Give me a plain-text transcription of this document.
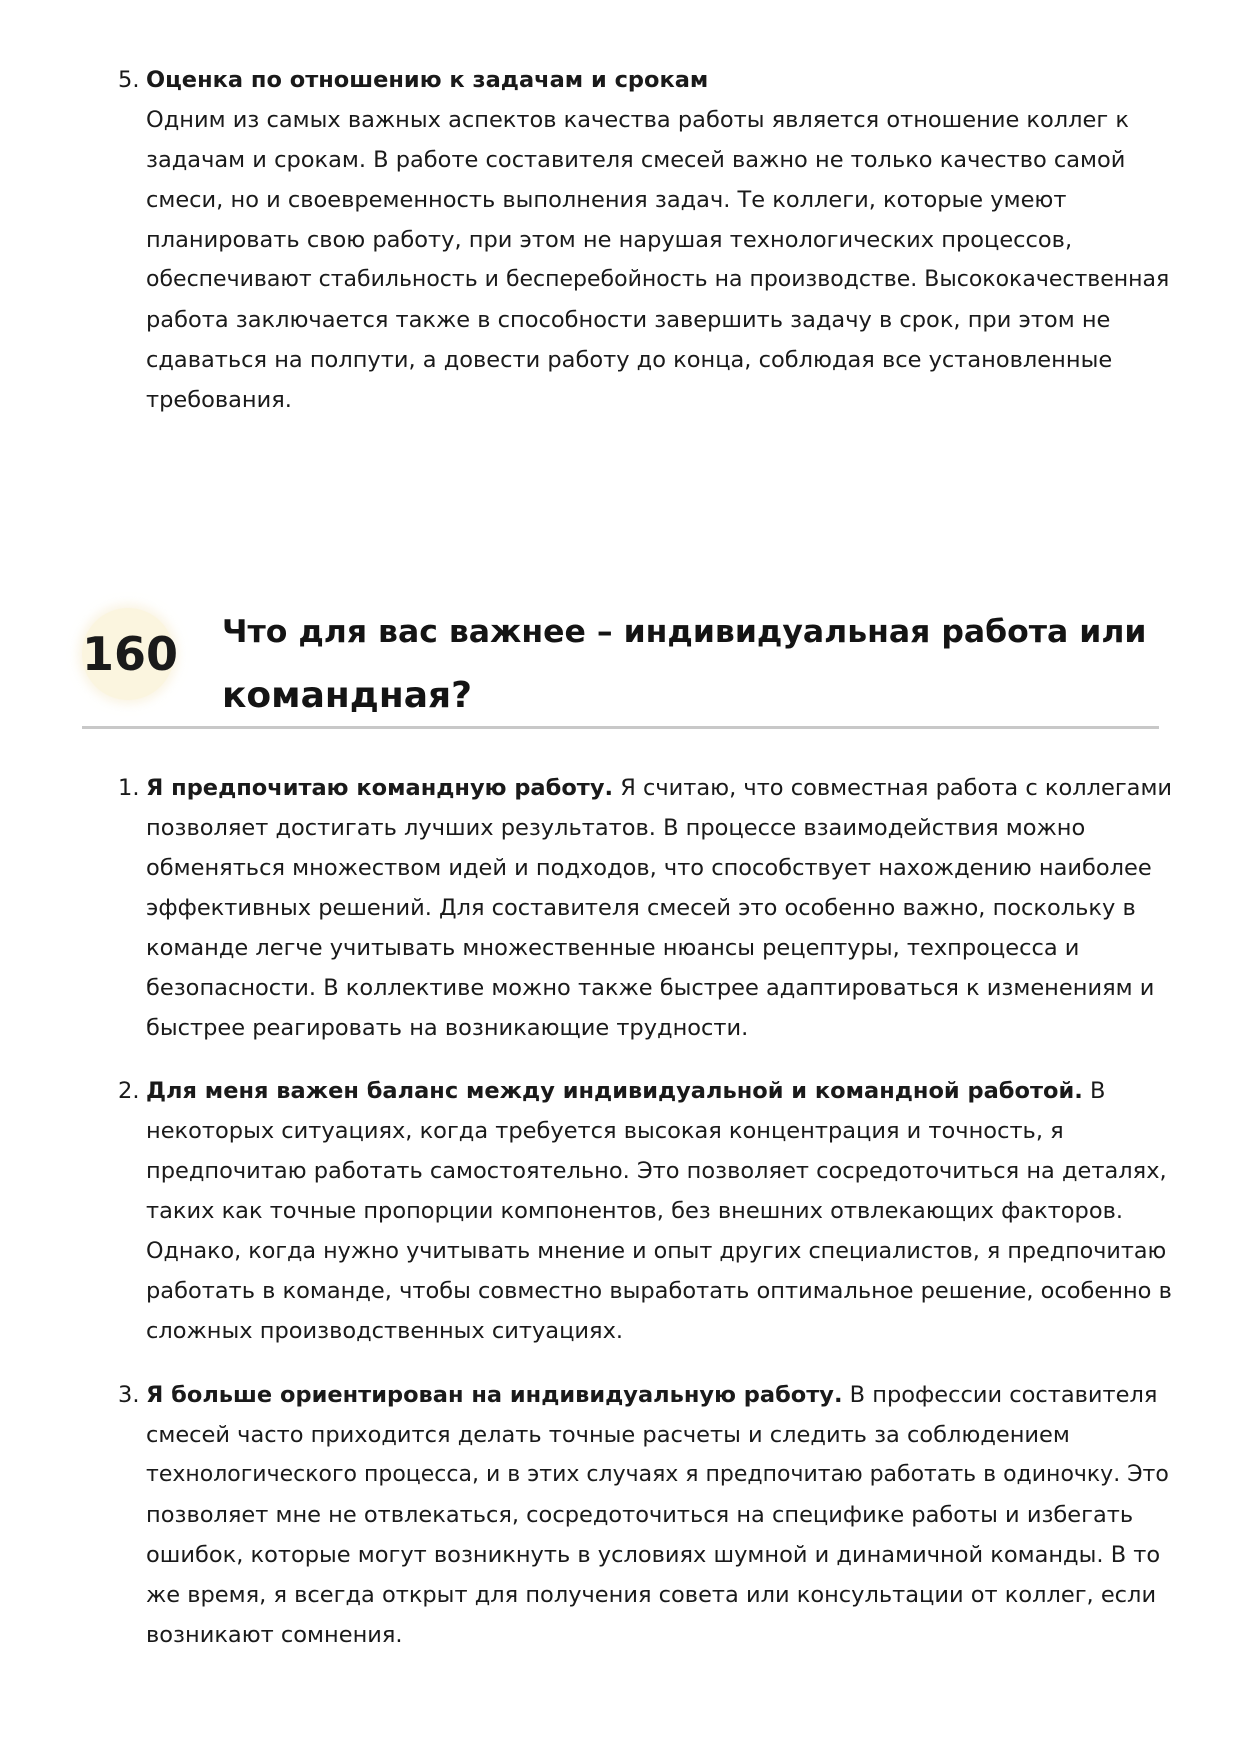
5. Оценка по отношению к задачам и срокам
Одним из самых важных аспектов качества работы является отношение коллег к
задачам и срокам. В работе составителя смесей важно не только качество самой
смеси, но и своевременность выполнения задач. Те коллеги, которые умеют
планировать свою работу, при этом не нарушая технологических процессов,
обеспечивают стабильность и бесперебойность на производстве. Высококачественная
работа заключается также в способности завершить задачу в срок, при этом не
сдаваться на полпути, а довести работу до конца, соблюдая все установленные
требования.
160 Что для вас важнее – индивидуальная работа или
командная?
1. Я предпочитаю командную работу. Я считаю, что совместная работа с коллегами
позволяет достигать лучших результатов. В процессе взаимодействия можно
обменяться множеством идей и подходов, что способствует нахождению наиболее
эффективных решений. Для составителя смесей это особенно важно, поскольку в
команде легче учитывать множественные нюансы рецептуры, техпроцесса и
безопасности. В коллективе можно также быстрее адаптироваться к изменениям и
быстрее реагировать на возникающие трудности.
2. Для меня важен баланс между индивидуальной и командной работой. В
некоторых ситуациях, когда требуется высокая концентрация и точность, я
предпочитаю работать самостоятельно. Это позволяет сосредоточиться на деталях,
таких как точные пропорции компонентов, без внешних отвлекающих факторов.
Однако, когда нужно учитывать мнение и опыт других специалистов, я предпочитаю
работать в команде, чтобы совместно выработать оптимальное решение, особенно в
сложных производственных ситуациях.
3. Я больше ориентирован на индивидуальную работу. В профессии составителя
смесей часто приходится делать точные расчеты и следить за соблюдением
технологического процесса, и в этих случаях я предпочитаю работать в одиночку. Это
позволяет мне не отвлекаться, сосредоточиться на специфике работы и избегать
ошибок, которые могут возникнуть в условиях шумной и динамичной команды. В то
же время, я всегда открыт для получения совета или консультации от коллег, если
возникают сомнения.
